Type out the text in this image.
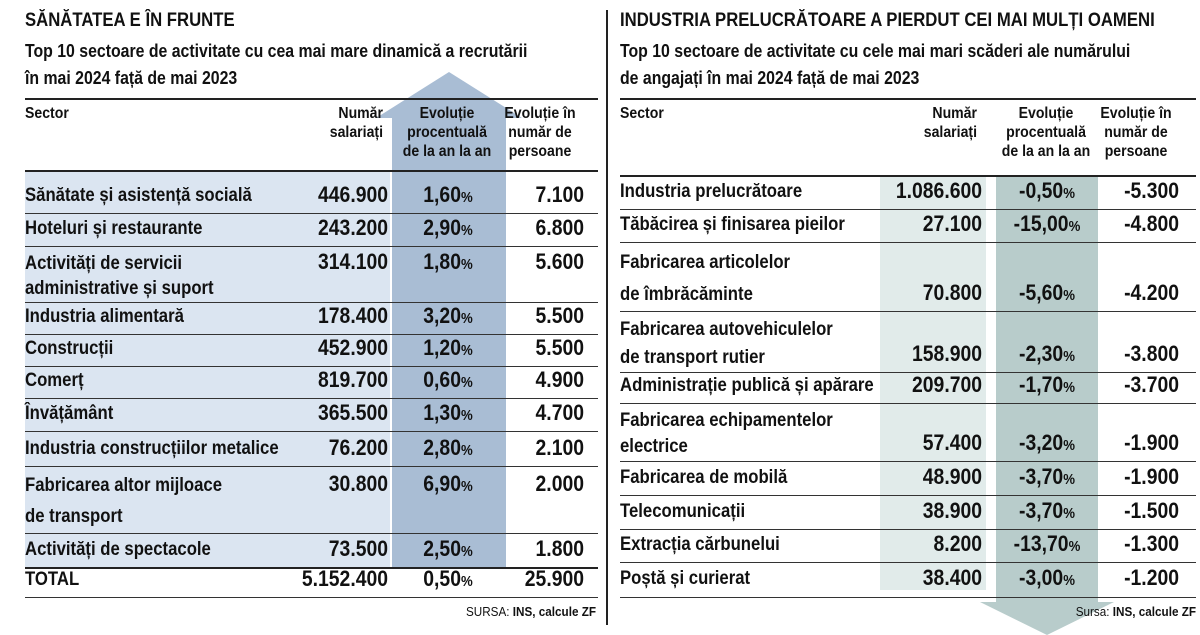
SĂNĂTATEA E ÎN FRUNTE
Top 10 sectoare de activitate cu cea mai mare dinamică a recrutării
în mai 2024 față de mai 2023
Sector	Număr
salariați
Evoluție
procentuală
de la an la an
Evoluție în
număr de
persoane
Sănătate și asistență socială	446.900	1,60%	7.100
Hoteluri și restaurante	243.200	2,90%	6.800
Activități de servicii
administrative și suport
314.100	1,80%	5.600
Industria alimentară	178.400	3,20%	5.500
Construcții	452.900	1,20%	5.500
Comerț	819.700	0,60%	4.900
Învățământ	365.500	1,30%	4.700
Industria construcțiilor metalice	76.200	2,80%	2.100
Fabricarea altor mijloace
de transport
30.800	6,90%	2.000
Activități de spectacole	73.500	2,50%	1.800
TOTAL	5.152.400	0,50%	25.900
SURSA: INS, calcule ZF
INDUSTRIA PRELUCRĂTOARE A PIERDUT CEI MAI MULȚI OAMENI
Top 10 sectoare de activitate cu cele mai mari scăderi ale numărului
de angajați în mai 2024 față de mai 2023
Sector	Număr
salariați
Evoluție
procentuală
de la an la an
Evoluție în
număr de
persoane
Industria prelucrătoare	1.086.600	-0,50%	-5.300
Tăbăcirea și finisarea pieilor	27.100	-15,00%	-4.800
Fabricarea articolelor
de îmbrăcăminte	70.800	-5,60%	-4.200
Fabricarea autovehiculelor
de transport rutier	158.900	-2,30%	-3.800
Administrație publică și apărare	209.700	-1,70%	-3.700
Fabricarea echipamentelor
electrice	57.400	-3,20%	-1.900
Fabricarea de mobilă	48.900	-3,70%	-1.900
Telecomunicații	38.900	-3,70%	-1.500
Extracția cărbunelui	8.200	-13,70%	-1.300
Poștă și curierat	38.400	-3,00%	-1.200
Sursa: INS, calcule ZF
